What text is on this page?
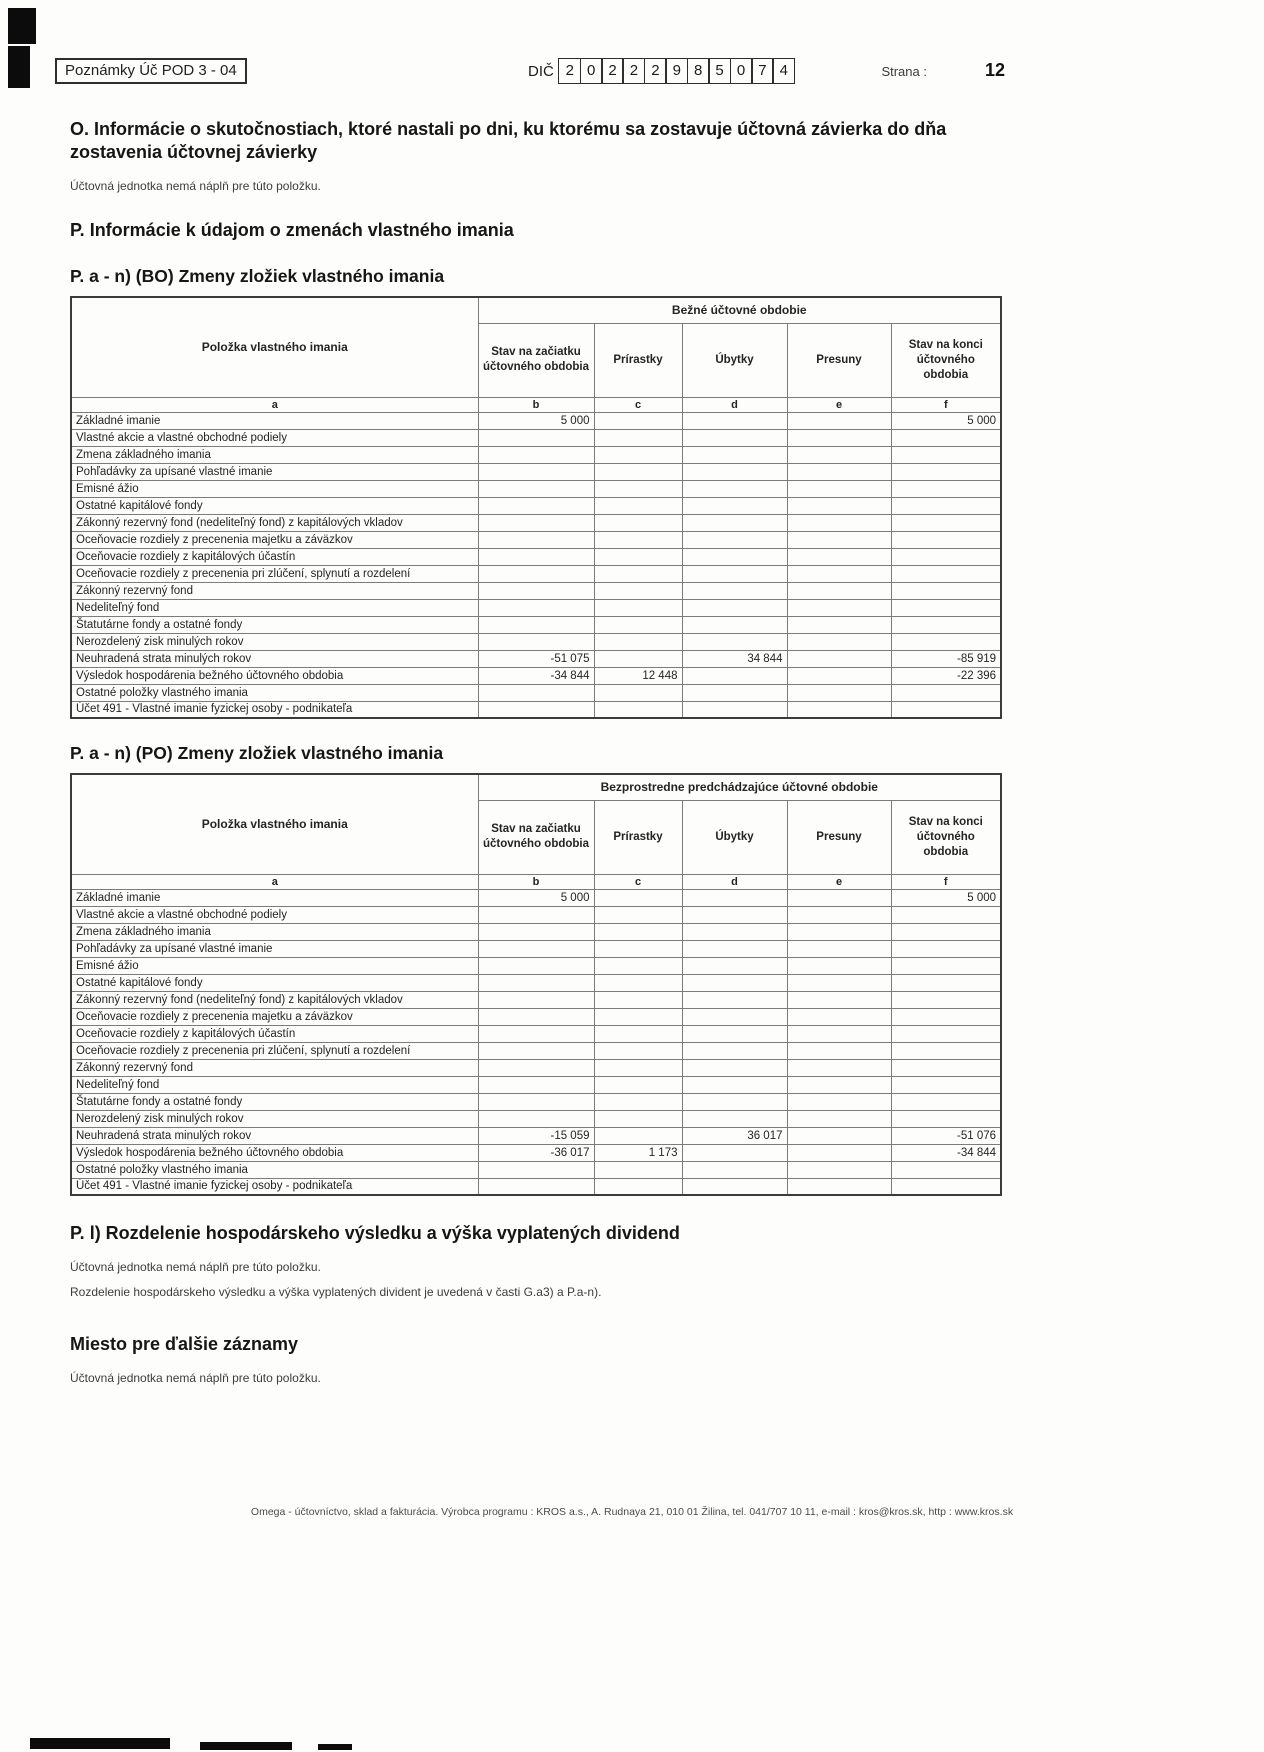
Poznámky Úč POD 3 - 04	DIČ 2 0 2 2 2 9 8 5 0 7 4	Strana :	12
O. Informácie o skutočnostiach, ktoré nastali po dni, ku ktorému sa zostavuje účtovná závierka do dňa zostavenia účtovnej závierky
Účtovná jednotka nemá náplň pre túto položku.
P. Informácie k údajom o zmenách vlastného imania
P. a - n) (BO) Zmeny zložiek vlastného imania
Položka vlastného imania	Bežné účtovné obdobie				
	Stav na začiatku účtovného obdobia	Prírastky	Úbytky	Presuny	Stav na konci účtovného obdobia
a	b	c	d	e	f
Základné imanie	5 000				5 000
Vlastné akcie a vlastné obchodné podiely					
Zmena základného imania					
Pohľadávky za upísané vlastné imanie					
Emisné ážio					
Ostatné kapitálové fondy					
Zákonný rezervný fond (nedeliteľný fond) z kapitálových vkladov					
Oceňovacie rozdiely z precenenia majetku a záväzkov					
Oceňovacie rozdiely z kapitálových účastín					
Oceňovacie rozdiely z precenenia pri zlúčení, splynutí a rozdelení					
Zákonný rezervný fond					
Nedeliteľný fond					
Štatutárne fondy a ostatné fondy					
Nerozdelený zisk minulých rokov					
Neuhradená strata minulých rokov	-51 075		34 844		-85 919
Výsledok hospodárenia bežného účtovného obdobia	-34 844	12 448			-22 396
Ostatné položky vlastného imania					
Účet 491 - Vlastné imanie fyzickej osoby - podnikateľa					
P. a - n) (PO) Zmeny zložiek vlastného imania
Položka vlastného imania	Bezprostredne predchádzajúce účtovné obdobie				
	Stav na začiatku účtovného obdobia	Prírastky	Úbytky	Presuny	Stav na konci účtovného obdobia
a	b	c	d	e	f
Základné imanie	5 000				5 000
Vlastné akcie a vlastné obchodné podiely					
Zmena základného imania					
Pohľadávky za upísané vlastné imanie					
Emisné ážio					
Ostatné kapitálové fondy					
Zákonný rezervný fond (nedeliteľný fond) z kapitálových vkladov					
Oceňovacie rozdiely z precenenia majetku a záväzkov					
Oceňovacie rozdiely z kapitálových účastín					
Oceňovacie rozdiely z precenenia pri zlúčení, splynutí a rozdelení					
Zákonný rezervný fond					
Nedeliteľný fond					
Štatutárne fondy a ostatné fondy					
Nerozdelený zisk minulých rokov					
Neuhradená strata minulých rokov	-15 059		36 017		-51 076
Výsledok hospodárenia bežného účtovného obdobia	-36 017	1 173			-34 844
Ostatné položky vlastného imania					
Účet 491 - Vlastné imanie fyzickej osoby - podnikateľa					
P. l) Rozdelenie hospodárskeho výsledku a výška vyplatených dividend
Účtovná jednotka nemá náplň pre túto položku.
Rozdelenie hospodárskeho výsledku a výška vyplatených divident je uvedená v časti G.a3) a P.a-n).
Miesto pre ďalšie záznamy
Účtovná jednotka nemá náplň pre túto položku.
Omega - účtovníctvo, sklad a fakturácia. Výrobca programu : KROS a.s., A. Rudnaya 21, 010 01 Žilina, tel. 041/707 10 11, e-mail : kros@kros.sk, http : www.kros.sk
